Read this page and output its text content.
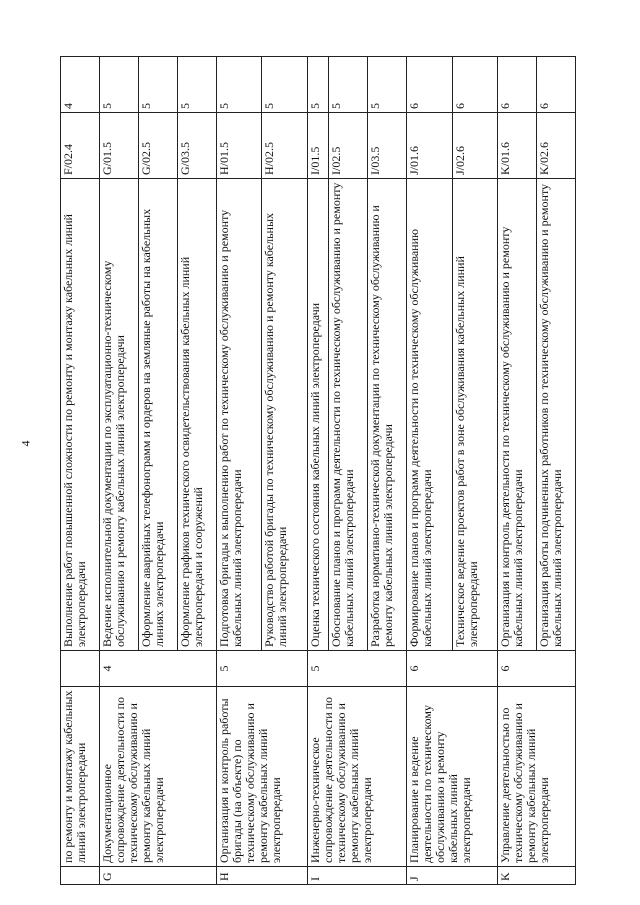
4
	по ремонту и монтажу кабельных линий электропередачи		Выполнение работ повышенной сложности по ремонту и монтажу кабельных линий электропередачи	F/02.4	4
G	Документационное сопровождение деятельности по техническому обслуживанию и ремонту кабельных линий электропередачи	4	Ведение исполнительной документации по эксплуатационно-техническому обслуживанию и ремонту кабельных линий электропередачи	G/01.5	5
			Оформление аварийных телефонограмм и ордеров на земляные работы на кабельных линиях электропередачи	G/02.5	5
			Оформление графиков технического освидетельствования кабельных линий электропередачи и сооружений	G/03.5	5
H	Организация и контроль работы бригады (на объекте) по техническому обслуживанию и ремонту кабельных линий электропередачи	5	Подготовка бригады к выполнению работ по техническому обслуживанию и ремонту кабельных линий электропередачи	H/01.5	5
			Руководство работой бригады по техническому обслуживанию и ремонту кабельных линий электропередачи	H/02.5	5
I	Инженерно-техническое сопровождение деятельности по техническому обслуживанию и ремонту кабельных линий электропередачи	5	Оценка технического состояния кабельных линий электропередачи	I/01.5	5
			Обоснование планов и программ деятельности по техническому обслуживанию и ремонту кабельных линий электропередачи	I/02.5	5
			Разработка нормативно-технической документации по техническому обслуживанию и ремонту кабельных линий электропередачи	I/03.5	5
J	Планирование и ведение деятельности по техническому обслуживанию и ремонту кабельных линий электропередачи	6	Формирование планов и программ деятельности по техническому обслуживанию кабельных линий электропередачи	J/01.6	6
			Техническое ведение проектов работ в зоне обслуживания кабельных линий электропередачи	J/02.6	6
K	Управление деятельностью по техническому обслуживанию и ремонту кабельных линий электропередачи	6	Организация и контроль деятельности по техническому обслуживанию и ремонту кабельных линий электропередачи	K/01.6	6
			Организация работы подчиненных работников по техническому обслуживанию и ремонту кабельных линий электропередачи	K/02.6	6
